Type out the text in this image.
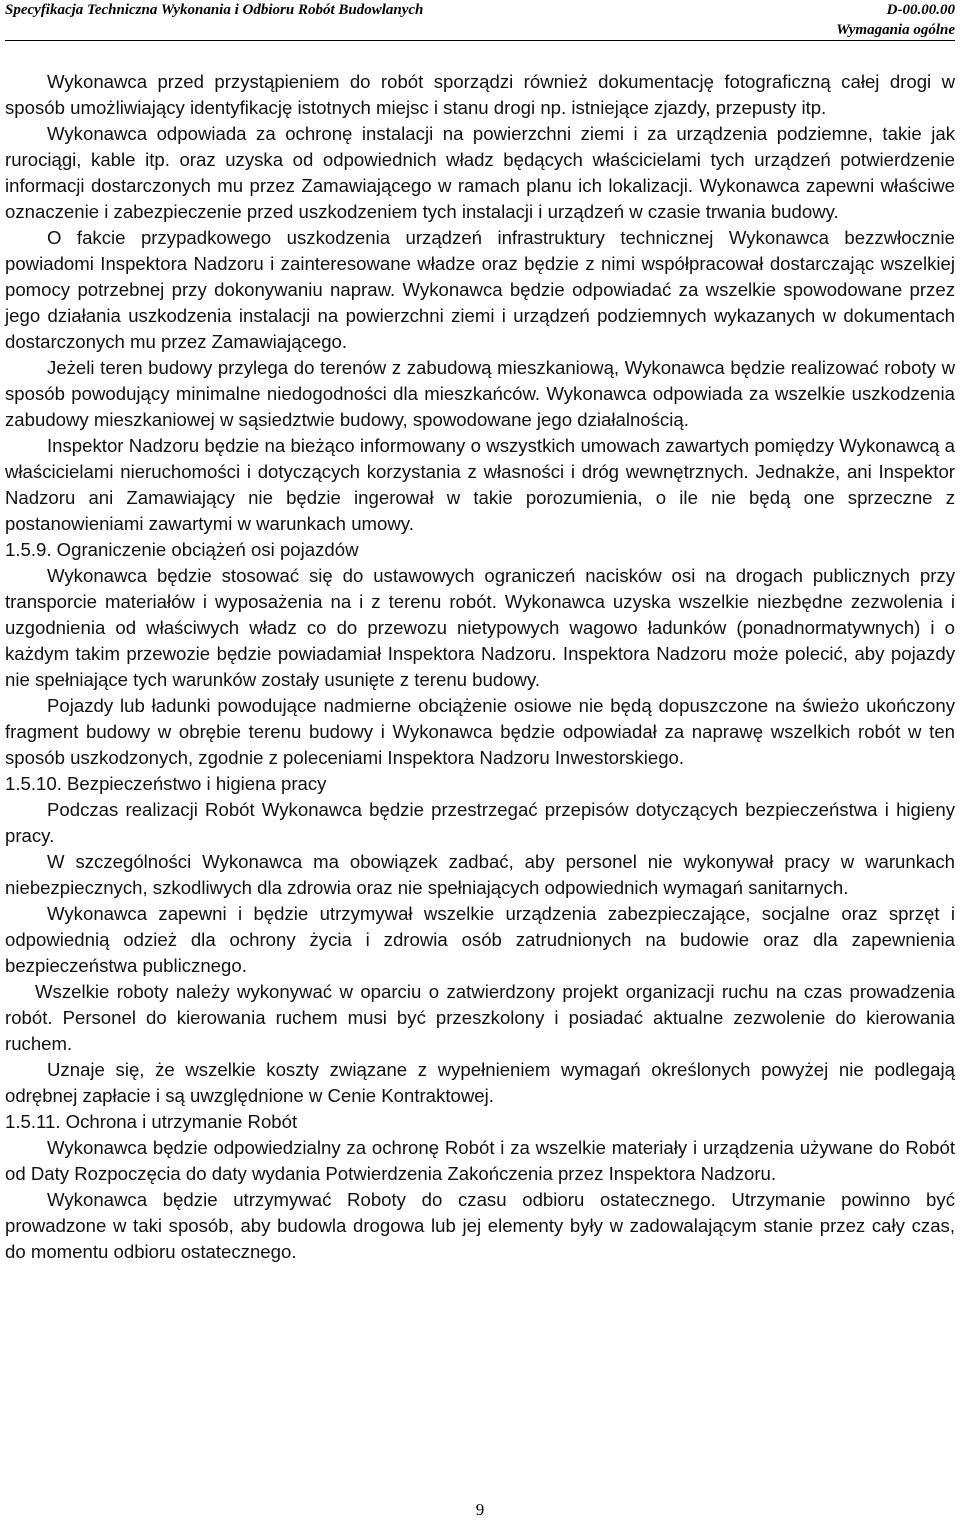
Specyfikacja Techniczna Wykonania i Odbioru Robót Budowlanych	D-00.00.00
Wymagania ogólne

Wykonawca przed przystąpieniem do robót sporządzi również dokumentację fotograficzną całej drogi w sposób umożliwiający identyfikację istotnych miejsc i stanu drogi np. istniejące zjazdy, przepusty itp.

Wykonawca odpowiada za ochronę instalacji na powierzchni ziemi i za urządzenia podziemne, takie jak rurociągi, kable itp. oraz uzyska od odpowiednich władz będących właścicielami tych urządzeń potwierdzenie informacji dostarczonych mu przez Zamawiającego w ramach planu ich lokalizacji. Wykonawca zapewni właściwe oznaczenie i zabezpieczenie przed uszkodzeniem tych instalacji i urządzeń w czasie trwania budowy.

O fakcie przypadkowego uszkodzenia urządzeń infrastruktury technicznej Wykonawca bezzwłocznie powiadomi Inspektora Nadzoru i zainteresowane władze oraz będzie z nimi współpracował dostarczając wszelkiej pomocy potrzebnej przy dokonywaniu napraw. Wykonawca będzie odpowiadać za wszelkie spowodowane przez jego działania uszkodzenia instalacji na powierzchni ziemi i urządzeń podziemnych wykazanych w dokumentach dostarczonych mu przez Zamawiającego.

Jeżeli teren budowy przylega do terenów z zabudową mieszkaniową, Wykonawca będzie realizować roboty w sposób powodujący minimalne niedogodności dla mieszkańców. Wykonawca odpowiada za wszelkie uszkodzenia zabudowy mieszkaniowej w sąsiedztwie budowy, spowodowane jego działalnością.

Inspektor Nadzoru będzie na bieżąco informowany o wszystkich umowach zawartych pomiędzy Wykonawcą a właścicielami nieruchomości i dotyczących korzystania z własności i dróg wewnętrznych. Jednakże, ani Inspektor Nadzoru ani Zamawiający nie będzie ingerował w takie porozumienia, o ile nie będą one sprzeczne z postanowieniami zawartymi w warunkach umowy.

1.5.9. Ograniczenie obciążeń osi pojazdów

Wykonawca będzie stosować się do ustawowych ograniczeń nacisków osi na drogach publicznych przy transporcie materiałów i wyposażenia na i z terenu robót. Wykonawca uzyska wszelkie niezbędne zezwolenia i uzgodnienia od właściwych władz co do przewozu nietypowych wagowo ładunków (ponadnormatywnych) i o każdym takim przewozie będzie powiadamiał Inspektora Nadzoru. Inspektora Nadzoru może polecić, aby pojazdy nie spełniające tych warunków zostały usunięte z terenu budowy.

Pojazdy lub ładunki powodujące nadmierne obciążenie osiowe nie będą dopuszczone na świeżo ukończony fragment budowy w obrębie terenu budowy i Wykonawca będzie odpowiadał za naprawę wszelkich robót w ten sposób uszkodzonych, zgodnie z poleceniami Inspektora Nadzoru Inwestorskiego.

1.5.10. Bezpieczeństwo i higiena pracy

Podczas realizacji Robót Wykonawca będzie przestrzegać przepisów dotyczących bezpieczeństwa i higieny pracy.

W szczególności Wykonawca ma obowiązek zadbać, aby personel nie wykonywał pracy w warunkach niebezpiecznych, szkodliwych dla zdrowia oraz nie spełniających odpowiednich wymagań sanitarnych.

Wykonawca zapewni i będzie utrzymywał wszelkie urządzenia zabezpieczające, socjalne oraz sprzęt i odpowiednią odzież dla ochrony życia i zdrowia osób zatrudnionych na budowie oraz dla zapewnienia bezpieczeństwa publicznego.

Wszelkie roboty należy wykonywać w oparciu o zatwierdzony projekt organizacji ruchu na czas prowadzenia robót. Personel do kierowania ruchem musi być przeszkolony i posiadać aktualne zezwolenie do kierowania ruchem.

Uznaje się, że wszelkie koszty związane z wypełnieniem wymagań określonych powyżej nie podlegają odrębnej zapłacie i są uwzględnione w Cenie Kontraktowej.

1.5.11. Ochrona i utrzymanie Robót

Wykonawca będzie odpowiedzialny za ochronę Robót i za wszelkie materiały i urządzenia używane do Robót od Daty Rozpoczęcia do daty wydania Potwierdzenia Zakończenia przez Inspektora Nadzoru.

Wykonawca będzie utrzymywać Roboty do czasu odbioru ostatecznego. Utrzymanie powinno być prowadzone w taki sposób, aby budowla drogowa lub jej elementy były w zadowalającym stanie przez cały czas, do momentu odbioru ostatecznego.

9
